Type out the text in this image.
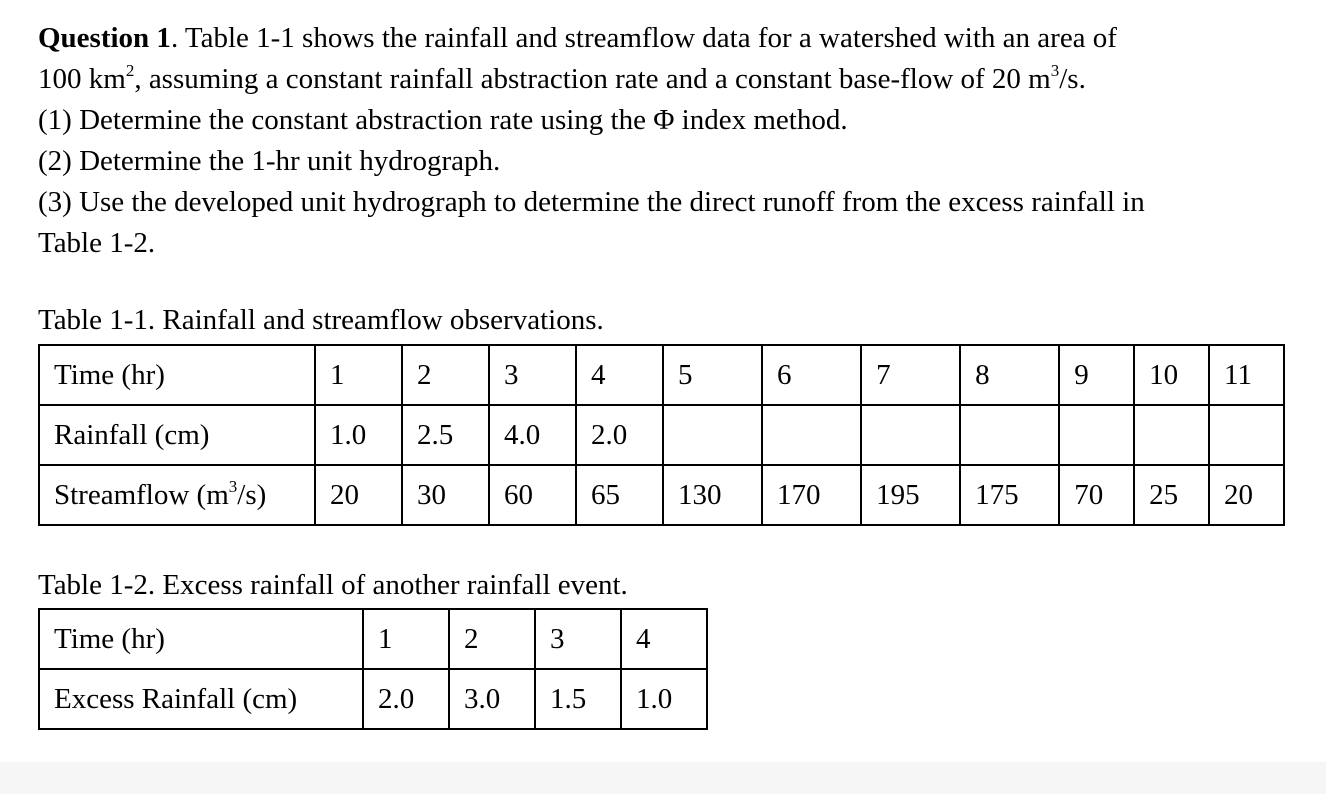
Question 1. Table 1-1 shows the rainfall and streamflow data for a watershed with an area of

100 $km^2$, assuming a constant rainfall abstraction rate and a constant base-flow of 20 $m^3/s$.

(1) Determine the constant abstraction rate using the Φ index method.

(2) Determine the 1-hr unit hydrograph.

(3) Use the developed unit hydrograph to determine the direct runoff from the excess rainfall in

Table 1-2.

Table 1-1. Rainfall and streamflow observations.
Time (hr)	1	2	3	4	5	6	7	8	9	10	11
Rainfall (cm)	1.0	2.5	4.0	2.0							
Streamflow $(m^3/s)$	20	30	60	65	130	170	195	175	70	25	20
Table 1-2. Excess rainfall of another rainfall event.
Time (hr)	1	2	3	4
Excess Rainfall (cm)	2.0	3.0	1.5	1.0
